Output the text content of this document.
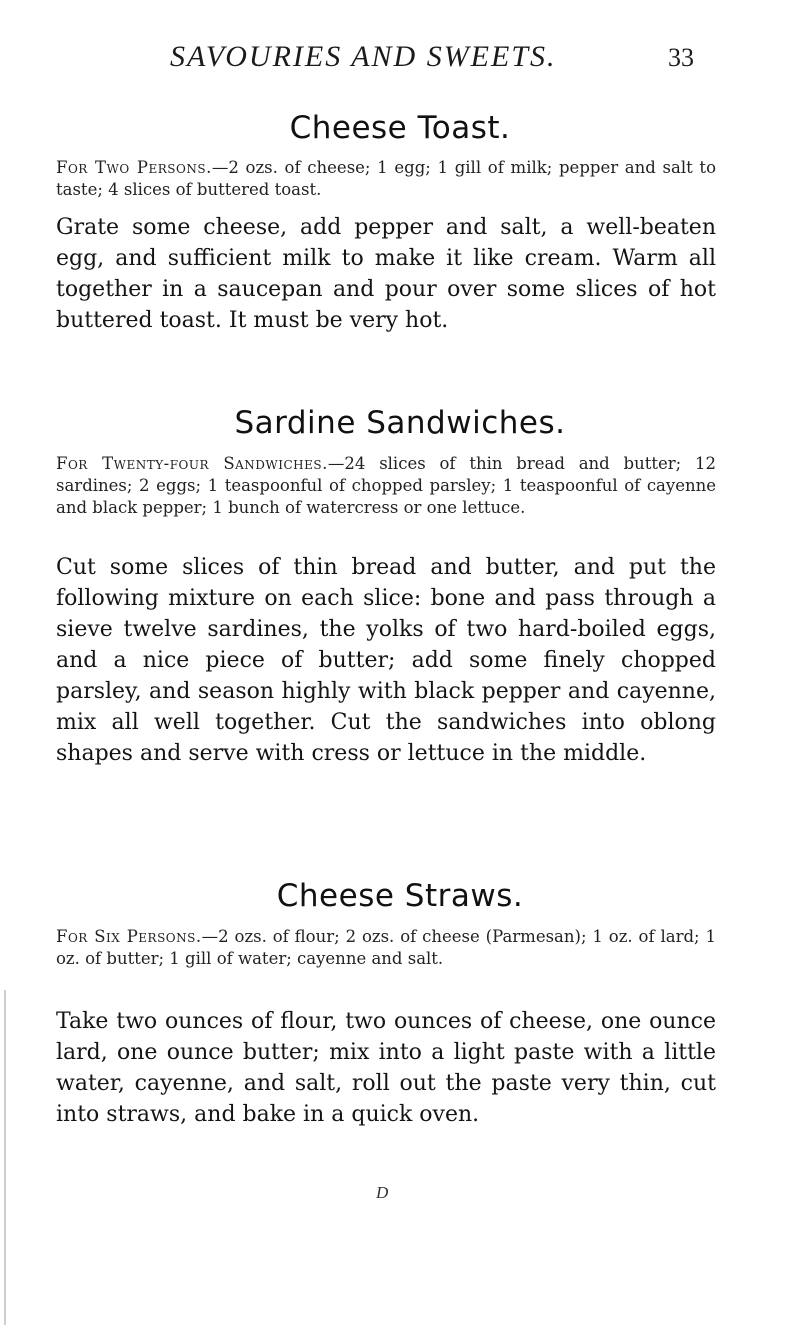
SAVOURIES AND SWEETS.	33
Cheese Toast.

For Two Persons.—2 ozs. of cheese; 1 egg; 1 gill of milk; pepper and salt to taste; 4 slices of buttered toast.

Grate some cheese, add pepper and salt, a well-beaten egg, and sufficient milk to make it like cream. Warm all together in a saucepan and pour over some slices of hot buttered toast. It must be very hot.

Sardine Sandwiches.

For Twenty-four Sandwiches.—24 slices of thin bread and butter; 12 sardines; 2 eggs; 1 teaspoonful of chopped parsley; 1 teaspoonful of cayenne and black pepper; 1 bunch of watercress or one lettuce.

Cut some slices of thin bread and butter, and put the following mixture on each slice: bone and pass through a sieve twelve sardines, the yolks of two hard-boiled eggs, and a nice piece of butter; add some finely chopped parsley, and season highly with black pepper and cayenne, mix all well together. Cut the sandwiches into oblong shapes and serve with cress or lettuce in the middle.

Cheese Straws.

For Six Persons.—2 ozs. of flour; 2 ozs. of cheese (Parmesan); 1 oz. of lard; 1 oz. of butter; 1 gill of water; cayenne and salt.

Take two ounces of flour, two ounces of cheese, one ounce lard, one ounce butter; mix into a light paste with a little water, cayenne, and salt, roll out the paste very thin, cut into straws, and bake in a quick oven.

D
